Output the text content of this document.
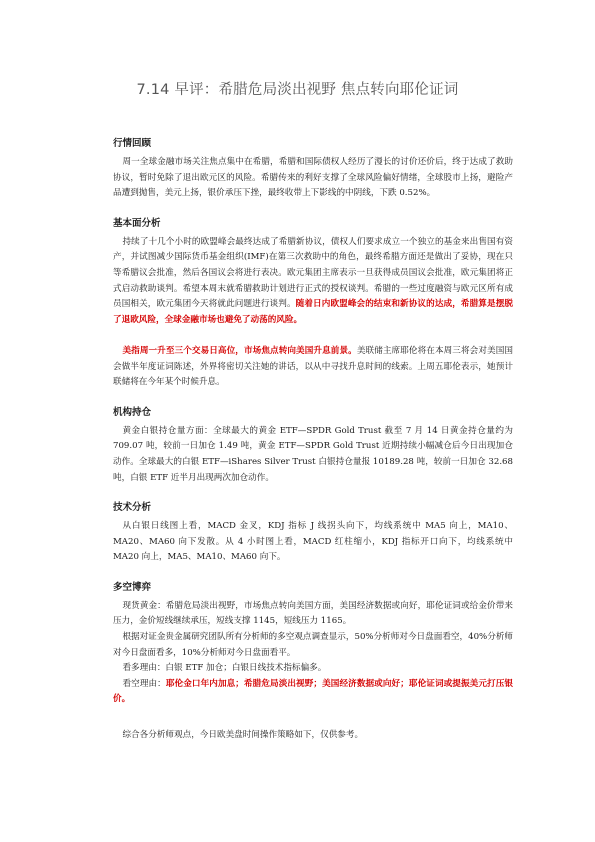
7.14 早评：希腊危局淡出视野 焦点转向耶伦证词
行情回顾

周一全球金融市场关注焦点集中在希腊，希腊和国际债权人经历了漫长的讨价还价后，终于达成了救助协议，暂时免除了退出欧元区的风险。希腊传来的利好支撑了全球风险偏好情绪，全球股市上扬，避险产品遭到抛售，美元上扬，银价承压下挫，最终收带上下影线的中阴线，下跌 0.52%。

基本面分析

持续了十几个小时的欧盟峰会最终达成了希腊新协议，债权人们要求成立一个独立的基金来出售国有资产，并试图减少国际货币基金组织(IMF)在第三次救助中的角色，最终希腊方面还是做出了妥协，现在只等希腊议会批准，然后各国议会将进行表决。欧元集团主席表示一旦获得成员国议会批准，欧元集团将正式启动救助谈判。希望本周末就希腊救助计划进行正式的授权谈判。希腊的一些过度融资与欧元区所有成员国相关，欧元集团今天将就此问题进行谈判。随着日内欧盟峰会的结束和新协议的达成，希腊算是摆脱了退欧风险，全球金融市场也避免了动荡的风险。

美指周一升至三个交易日高位，市场焦点转向美国升息前景。美联储主席耶伦将在本周三将会对美国国会做半年度证词陈述，外界将密切关注她的讲话，以从中寻找升息时间的线索。上周五耶伦表示，她预计联储将在今年某个时候升息。

机构持仓

黄金白银持仓量方面：全球最大的黄金 ETF—SPDR Gold Trust 截至 7 月 14 日黄金持仓量约为 709.07 吨，较前一日加仓 1.49 吨，黄金 ETF—SPDR Gold Trust 近期持续小幅减仓后今日出现加仓动作。全球最大的白银 ETF—iShares Silver Trust 白银持仓量报 10189.28 吨，较前一日加仓 32.68 吨，白银 ETF 近半月出现两次加仓动作。

技术分析

从白银日线图上看，MACD 金叉，KDJ 指标 J 线拐头向下，均线系统中 MA5 向上，MA10、MA20、MA60 向下发散。从 4 小时图上看，MACD 红柱缩小，KDJ 指标开口向下，均线系统中 MA20 向上，MA5、MA10、MA60 向下。

多空博弈

现货黄金：希腊危局淡出视野，市场焦点转向美国方面，美国经济数据或向好，耶伦证词或给金价带来压力，金价短线继续承压，短线支撑 1145，短线压力 1165。

根据对证金贵金属研究团队所有分析师的多空观点调查显示，50%分析师对今日盘面看空，40%分析师对今日盘面看多，10%分析师对今日盘面看平。

看多理由：白银 ETF 加仓；白银日线技术指标偏多。

看空理由：耶伦金口年内加息；希腊危局淡出视野；美国经济数据或向好；耶伦证词或提振美元打压银价。

综合各分析师观点，今日欧美盘时间操作策略如下，仅供参考。
